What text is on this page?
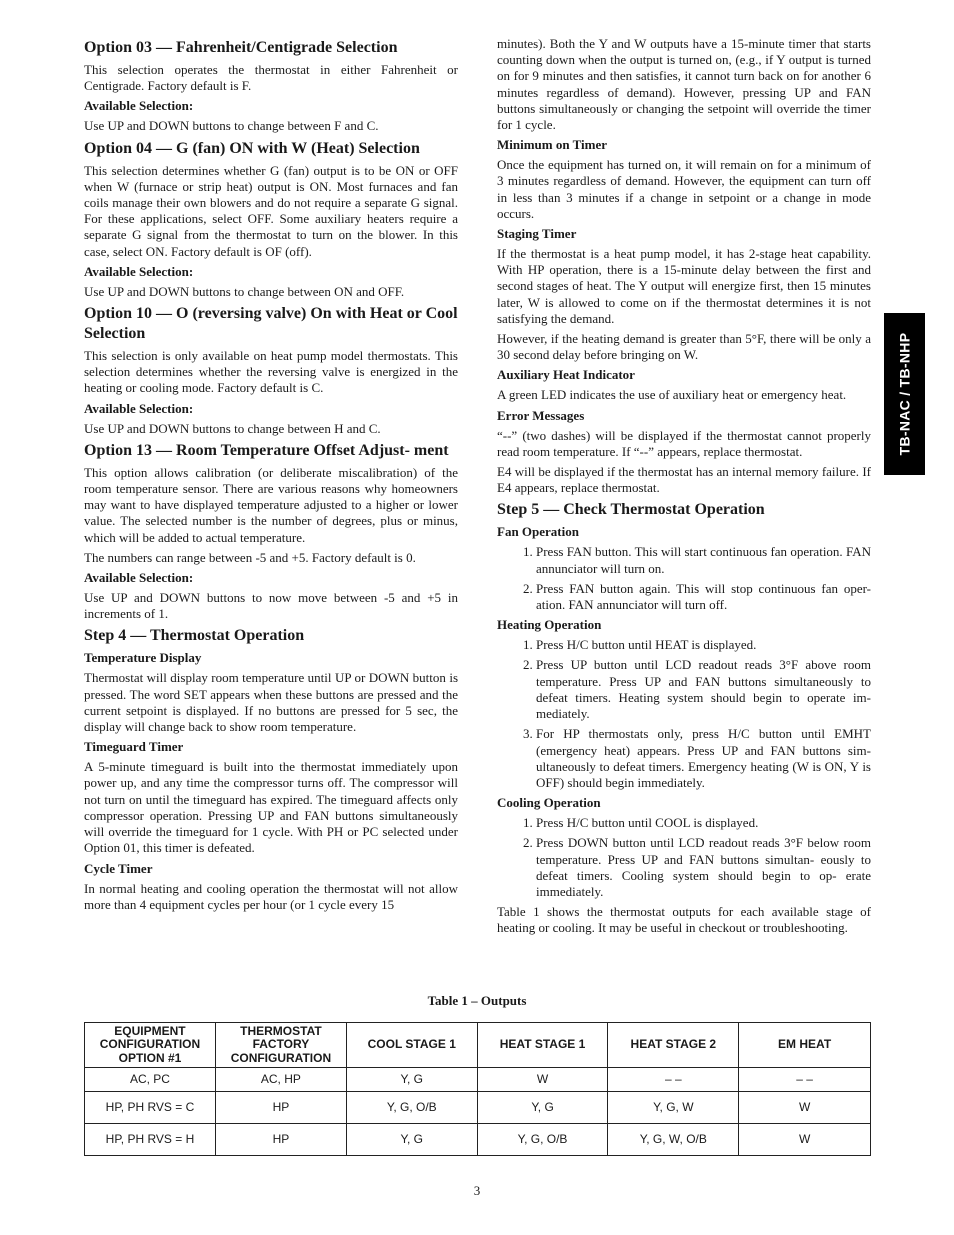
Option 03 — Fahrenheit/Centigrade Selection

This selection operates the thermostat in either Fahrenheit or Centigrade. Factory default is F.

Available Selection:

Use UP and DOWN buttons to change between F and C.

Option 04 — G (fan) ON with W (Heat) Selection

This selection determines whether G (fan) output is to be ON or OFF when W (furnace or strip heat) output is ON. Most furnaces and fan coils manage their own blowers and do not require a separate G signal. For these applications, select OFF. Some auxiliary heaters require a separate G signal from the thermostat to turn on the blower. In this case, select ON. Factory default is OF (off).

Available Selection:

Use UP and DOWN buttons to change between ON and OFF.

Option 10 — O (reversing valve) On with Heat or Cool Selection

This selection is only available on heat pump model thermostats. This selection determines whether the reversing valve is energized in the heating or cooling mode. Factory default is C.

Available Selection:

Use UP and DOWN buttons to change between H and C.

Option 13 — Room Temperature Offset Adjust- ment

This option allows calibration (or deliberate miscalibration) of the room temperature sensor. There are various reasons why homeowners may want to have displayed temperature adjusted to a higher or lower value. The selected number is the number of degrees, plus or minus, which will be added to actual temperature.

The numbers can range between -5 and +5. Factory default is 0.

Available Selection:

Use UP and DOWN buttons to now move between -5 and +5 in increments of 1.

Step 4 — Thermostat Operation
Temperature Display

Thermostat will display room temperature until UP or DOWN button is pressed. The word SET appears when these buttons are pressed and the current setpoint is displayed. If no buttons are pressed for 5 sec, the display will change back to show room temperature.

Timeguard Timer

A 5-minute timeguard is built into the thermostat immediately upon power up, and any time the compressor turns off. The compressor will not turn on until the timeguard has expired. The timeguard affects only compressor operation. Pressing UP and FAN buttons simultaneously will override the timeguard for 1 cycle. With PH or PC selected under Option 01, this timer is defeated.

Cycle Timer

In normal heating and cooling operation the thermostat will not allow more than 4 equipment cycles per hour (or 1 cycle every 15

minutes). Both the Y and W outputs have a 15-minute timer that starts counting down when the output is turned on, (e.g., if Y output is turned on for 9 minutes and then satisfies, it cannot turn back on for another 6 minutes regardless of demand). However, pressing UP and FAN buttons simultaneously or changing the setpoint will override the timer for 1 cycle.

Minimum on Timer

Once the equipment has turned on, it will remain on for a minimum of 3 minutes regardless of demand. However, the equipment can turn off in less than 3 minutes if a change in setpoint or a change in mode occurs.

Staging Timer

If the thermostat is a heat pump model, it has 2-stage heat capability. With HP operation, there is a 15-minute delay between the first and second stages of heat. The Y output will energize first, then 15 minutes later, W is allowed to come on if the thermostat determines it is not satisfying the demand.

However, if the heating demand is greater than 5°F, there will be only a 30 second delay before bringing on W.

Auxiliary Heat Indicator

A green LED indicates the use of auxiliary heat or emergency heat.

Error Messages

“--” (two dashes) will be displayed if the thermostat cannot properly read room temperature. If “--” appears, replace thermostat.

E4 will be displayed if the thermostat has an internal memory failure. If E4 appears, replace thermostat.

Step 5 — Check Thermostat Operation
Fan Operation
1. Press FAN button. This will start continuous fan operation. FAN annunciator will turn on.
2. Press FAN button again. This will stop continuous fan oper- ation. FAN annunciator will turn off.
Heating Operation
1. Press H/C button until HEAT is displayed.
2. Press UP button until LCD readout reads 3°F above room temperature. Press UP and FAN buttons simultaneously to defeat timers. Heating system should begin to operate im- mediately.
3. For HP thermostats only, press H/C button until EMHT (emergency heat) appears. Press UP and FAN buttons sim- ultaneously to defeat timers. Emergency heating (W is ON, Y is OFF) should begin immediately.
Cooling Operation
1. Press H/C button until COOL is displayed.
2. Press DOWN button until LCD readout reads 3°F below room temperature. Press UP and FAN buttons simultan- eously to defeat timers. Cooling system should begin to op- erate immediately.

Table 1 shows the thermostat outputs for each available stage of heating or cooling. It may be useful in checkout or troubleshooting.

TB-NAC / TB-NHP
Table 1 – Outputs
EQUIPMENT CONFIGURATION OPTION #1	THERMOSTAT FACTORY CONFIGURATION	COOL STAGE 1	HEAT STAGE 1	HEAT STAGE 2	EM HEAT
AC, PC	AC, HP	Y, G	W	– –	– –
HP, PH RVS = C	HP	Y, G, O/B	Y, G	Y, G, W	W
HP, PH RVS = H	HP	Y, G	Y, G, O/B	Y, G, W, O/B	W
3
